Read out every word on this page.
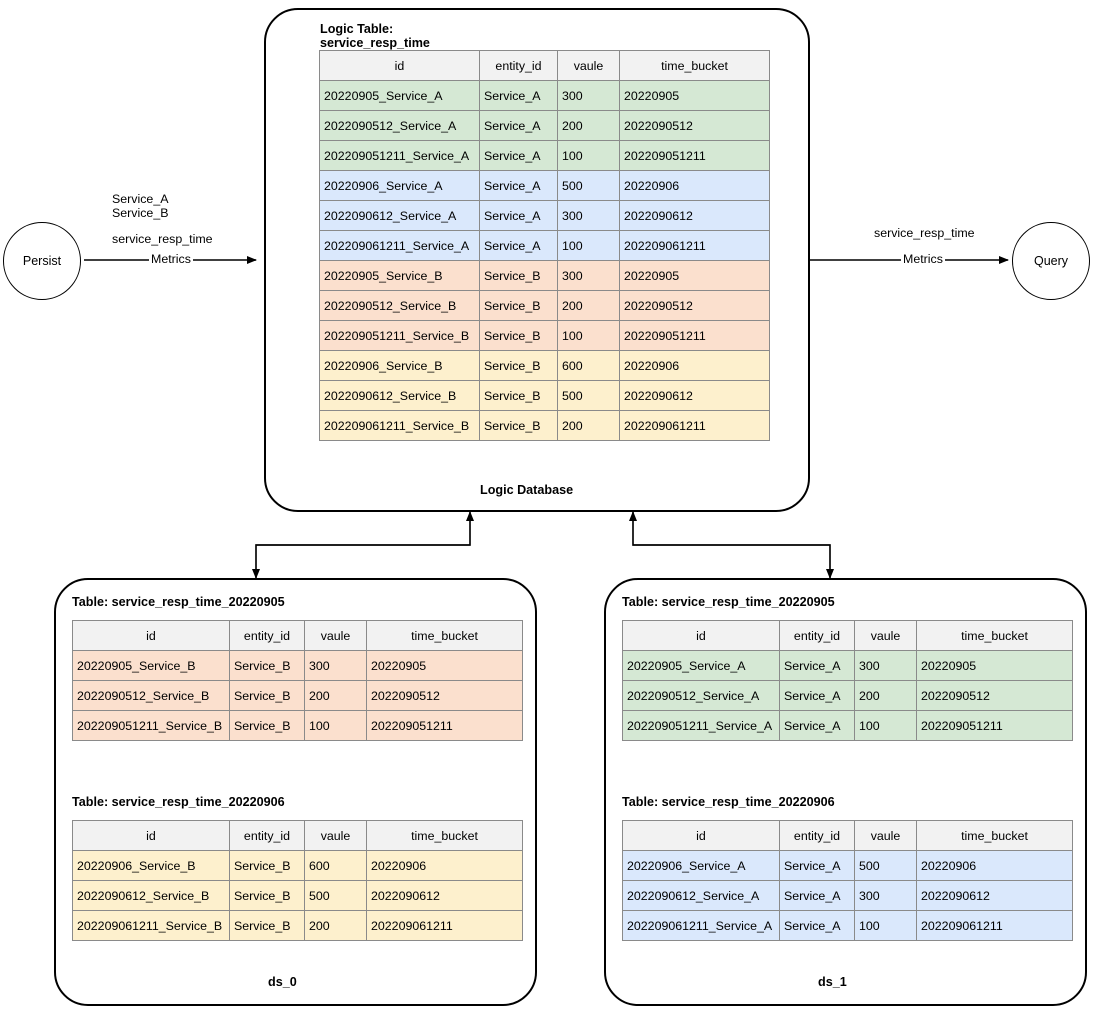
Persist	Query
Service_A
Service_B
service_resp_time
Metrics
service_resp_time
Metrics
Logic Table:
service_resp_time
Logic Database
id	entity_id	vaule	time_bucket
20220905_Service_A	Service_A	300	20220905
2022090512_Service_A	Service_A	200	2022090512
202209051211_Service_A	Service_A	100	202209051211
20220906_Service_A	Service_A	500	20220906
2022090612_Service_A	Service_A	300	2022090612
202209061211_Service_A	Service_A	100	202209061211
20220905_Service_B	Service_B	300	20220905
2022090512_Service_B	Service_B	200	2022090512
202209051211_Service_B	Service_B	100	202209051211
20220906_Service_B	Service_B	600	20220906
2022090612_Service_B	Service_B	500	2022090612
202209061211_Service_B	Service_B	200	202209061211
Table: service_resp_time_20220905
id	entity_id	vaule	time_bucket
20220905_Service_B	Service_B	300	20220905
2022090512_Service_B	Service_B	200	2022090512
202209051211_Service_B	Service_B	100	202209051211
Table: service_resp_time_20220906
id	entity_id	vaule	time_bucket
20220906_Service_B	Service_B	600	20220906
2022090612_Service_B	Service_B	500	2022090612
202209061211_Service_B	Service_B	200	202209061211
ds_0
Table: service_resp_time_20220905
id	entity_id	vaule	time_bucket
20220905_Service_A	Service_A	300	20220905
2022090512_Service_A	Service_A	200	2022090512
202209051211_Service_A	Service_A	100	202209051211
Table: service_resp_time_20220906
id	entity_id	vaule	time_bucket
20220906_Service_A	Service_A	500	20220906
2022090612_Service_A	Service_A	300	2022090612
202209061211_Service_A	Service_A	100	202209061211
ds_1
